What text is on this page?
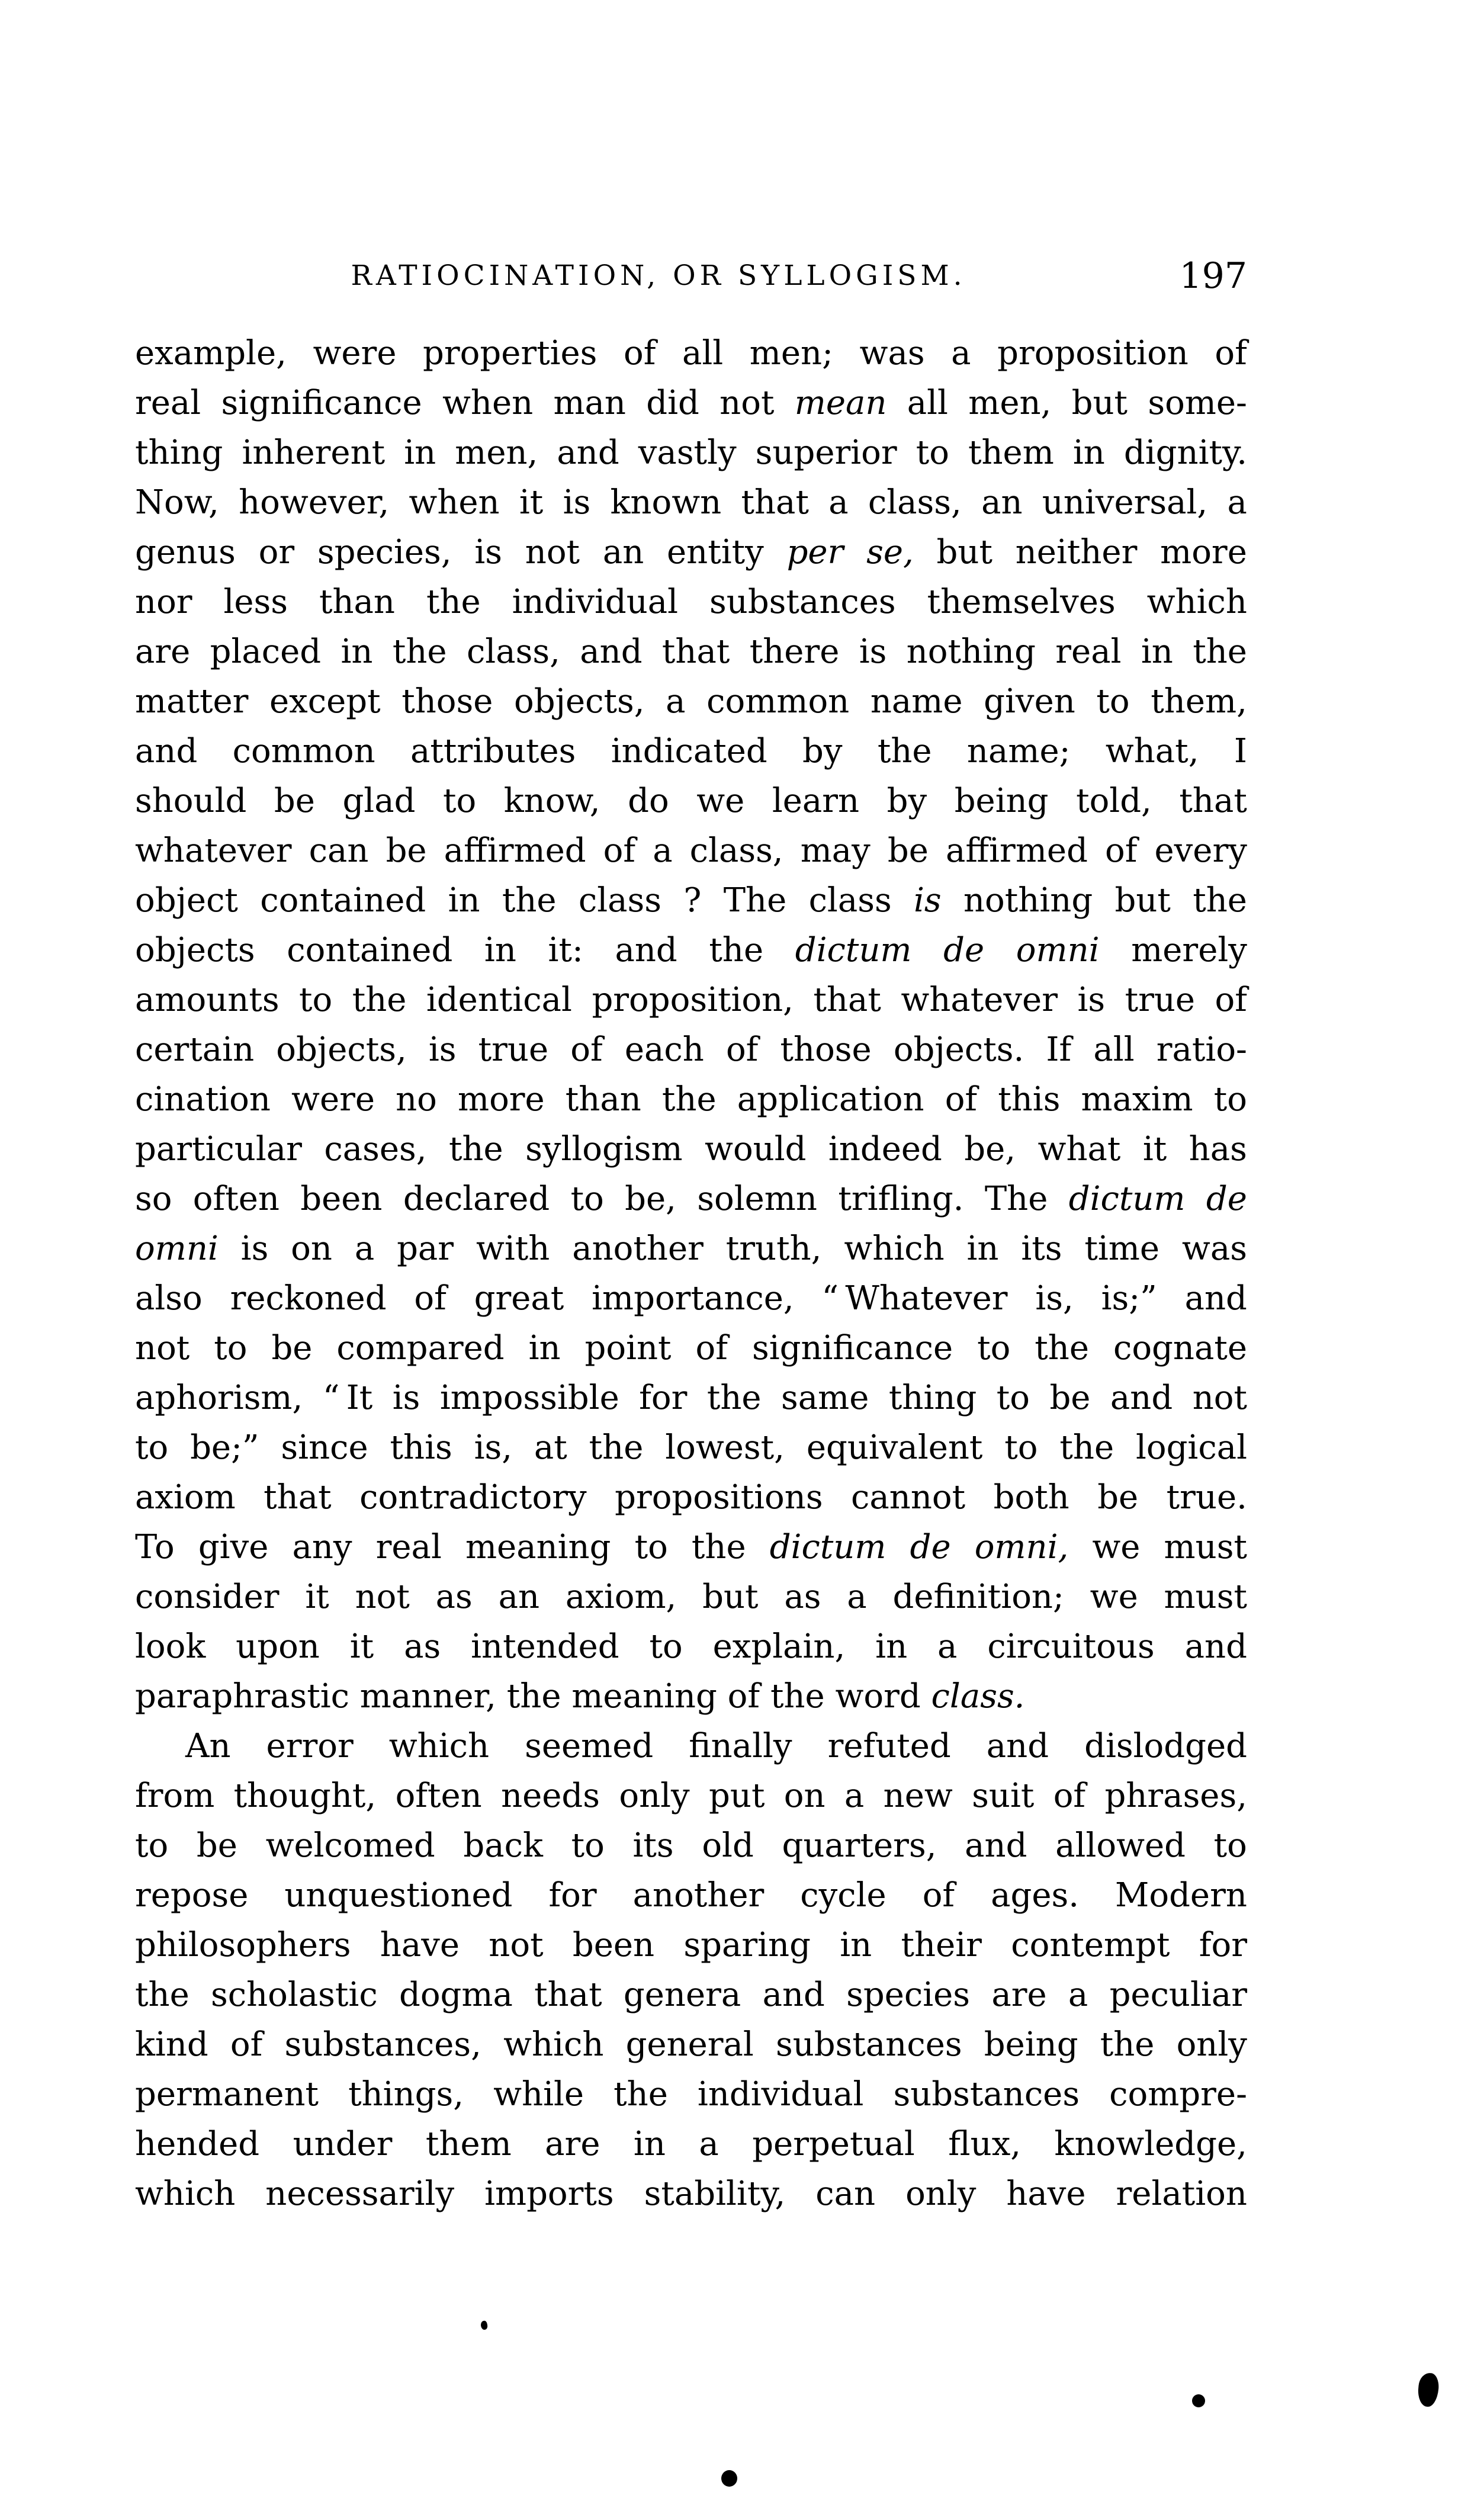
RATIOCINATION, OR SYLLOGISM.	197
example, were properties of all men; was a proposition of
real significance when man did not mean all men, but some-
thing inherent in men, and vastly superior to them in dignity.
Now, however, when it is known that a class, an universal, a
genus or species, is not an entity per se, but neither more
nor less than the individual substances themselves which
are placed in the class, and that there is nothing real in the
matter except those objects, a common name given to them,
and common attributes indicated by the name; what, I
should be glad to know, do we learn by being told, that
whatever can be affirmed of a class, may be affirmed of every
object contained in the class ? The class is nothing but the
objects contained in it: and the dictum de omni merely
amounts to the identical proposition, that whatever is true of
certain objects, is true of each of those objects. If all ratio-
cination were no more than the application of this maxim to
particular cases, the syllogism would indeed be, what it has
so often been declared to be, solemn trifling. The dictum de
omni is on a par with another truth, which in its time was
also reckoned of great importance, “ Whatever is, is;” and
not to be compared in point of significance to the cognate
aphorism, “ It is impossible for the same thing to be and not
to be;” since this is, at the lowest, equivalent to the logical
axiom that contradictory propositions cannot both be true.
To give any real meaning to the dictum de omni, we must
consider it not as an axiom, but as a definition; we must
look upon it as intended to explain, in a circuitous and
paraphrastic manner, the meaning of the word class.
An error which seemed finally refuted and dislodged
from thought, often needs only put on a new suit of phrases,
to be welcomed back to its old quarters, and allowed to
repose unquestioned for another cycle of ages. Modern
philosophers have not been sparing in their contempt for
the scholastic dogma that genera and species are a peculiar
kind of substances, which general substances being the only
permanent things, while the individual substances compre-
hended under them are in a perpetual flux, knowledge,
which necessarily imports stability, can only have relation
